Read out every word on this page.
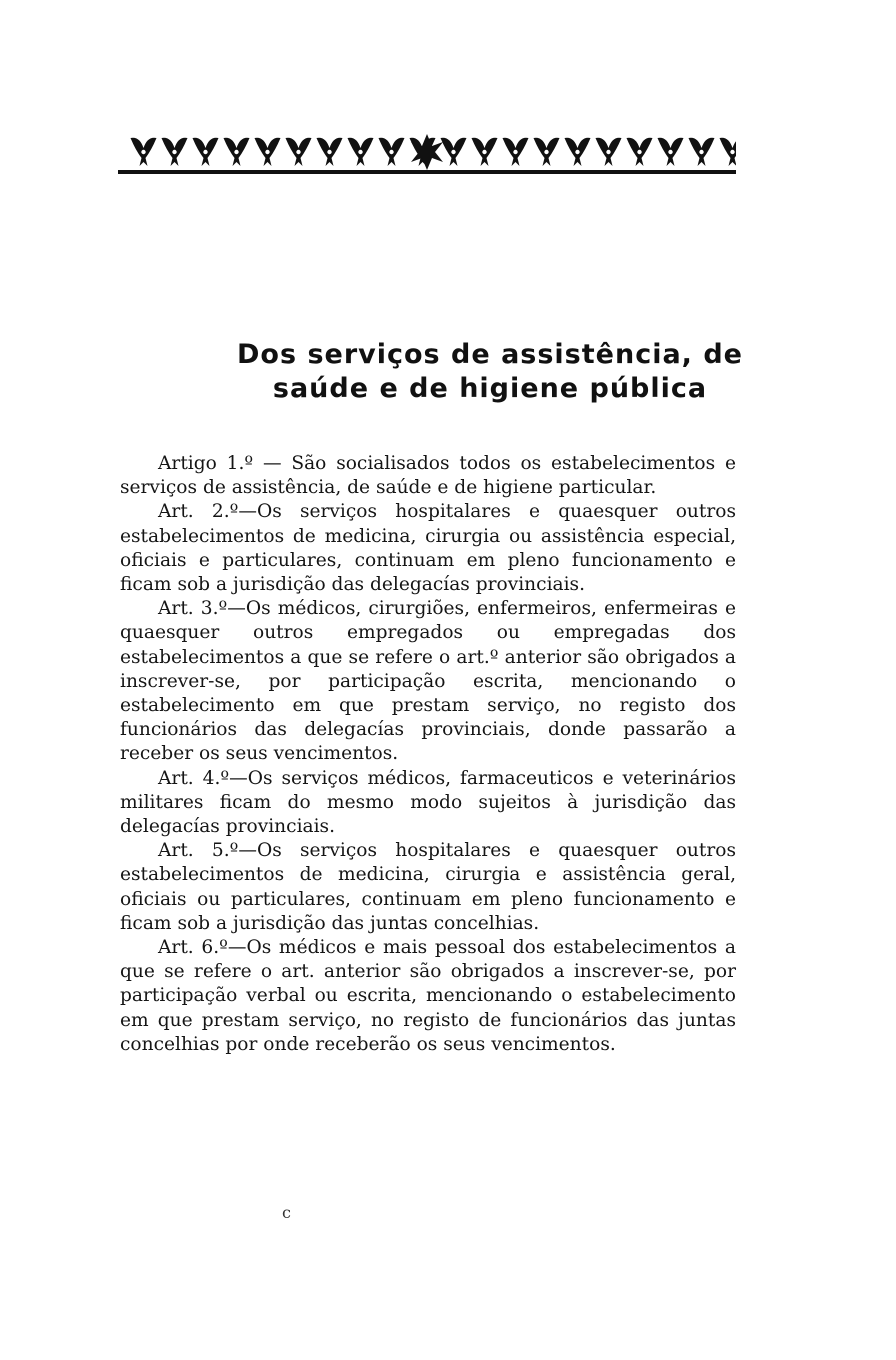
Dos serviços de assistência, de
saúde e de higiene pública

Artigo 1.º — São socialisados todos os estabelecimentos e serviços de assistência, de saúde e de higiene particular.

Art. 2.º—Os serviços hospitalares e quaesquer outros estabelecimentos de medicina, cirurgia ou assistência especial, oficiais e particulares, continuam em pleno funcionamento e ficam sob a jurisdição das delegacías provinciais.

Art. 3.º—Os médicos, cirurgiões, enfermeiros, enfermeiras e quaesquer outros empregados ou empregadas dos estabelecimentos a que se refere o art.º anterior são obrigados a inscrever-se, por participação escrita, mencionando o estabelecimento em que prestam serviço, no registo dos funcionários das delegacías provinciais, donde passarão a receber os seus vencimentos.

Art. 4.º—Os serviços médicos, farmaceuticos e veterinários militares ficam do mesmo modo sujeitos à jurisdição das delegacías provinciais.

Art. 5.º—Os serviços hospitalares e quaesquer outros estabelecimentos de medicina, cirurgia e assistência geral, oficiais ou particulares, continuam em pleno funcionamento e ficam sob a jurisdição das juntas concelhias.

Art. 6.º—Os médicos e mais pessoal dos estabelecimentos a que se refere o art. anterior são obrigados a inscrever-se, por participação verbal ou escrita, mencionando o estabelecimento em que prestam serviço, no registo de funcionários das juntas concelhias por onde receberão os seus vencimentos.

c
